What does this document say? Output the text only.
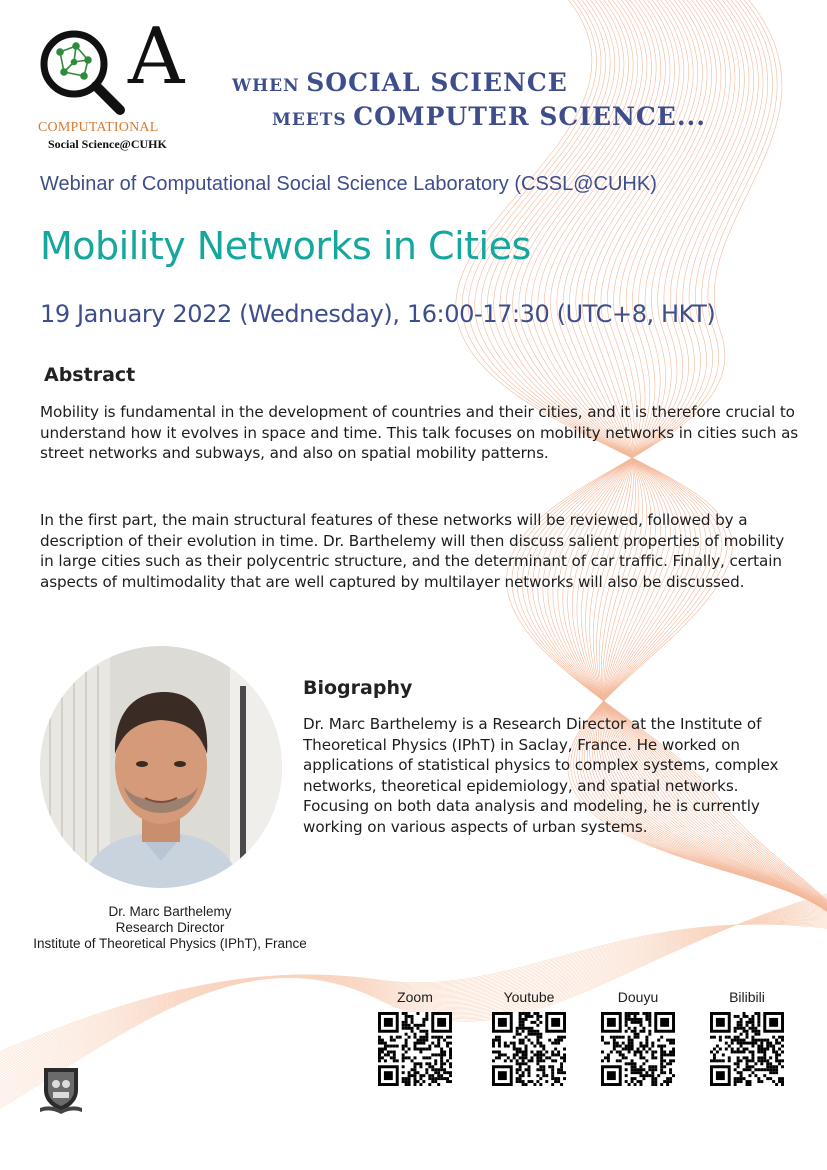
A
COMPUTATIONAL
Social Science@CUHK
WHEN SOCIAL SCIENCE
MEETS COMPUTER SCIENCE...
Webinar of Computational Social Science Laboratory (CSSL@CUHK)
Mobility Networks in Cities
19 January 2022 (Wednesday), 16:00-17:30 (UTC+8, HKT)
Abstract
Mobility is fundamental in the development of countries and their cities, and it is therefore crucial to understand how it evolves in space and time. This talk focuses on mobility networks in cities such as street networks and subways, and also on spatial mobility patterns.
In the first part, the main structural features of these networks will be reviewed, followed by a description of their evolution in time. Dr. Barthelemy will then discuss salient properties of mobility in large cities such as their polycentric structure, and the determinant of car traffic. Finally, certain aspects of multimodality that are well captured by multilayer networks will also be discussed.
Dr. Marc Barthelemy
Research Director
Institute of Theoretical Physics (IPhT), France
Biography
Dr. Marc Barthelemy is a Research Director at the Institute of Theoretical Physics (IPhT) in Saclay, France. He worked on applications of statistical physics to complex systems, complex networks, theoretical epidemiology, and spatial networks. Focusing on both data analysis and modeling, he is currently working on various aspects of urban systems.
Zoom	Youtube	Douyu	Bilibili
